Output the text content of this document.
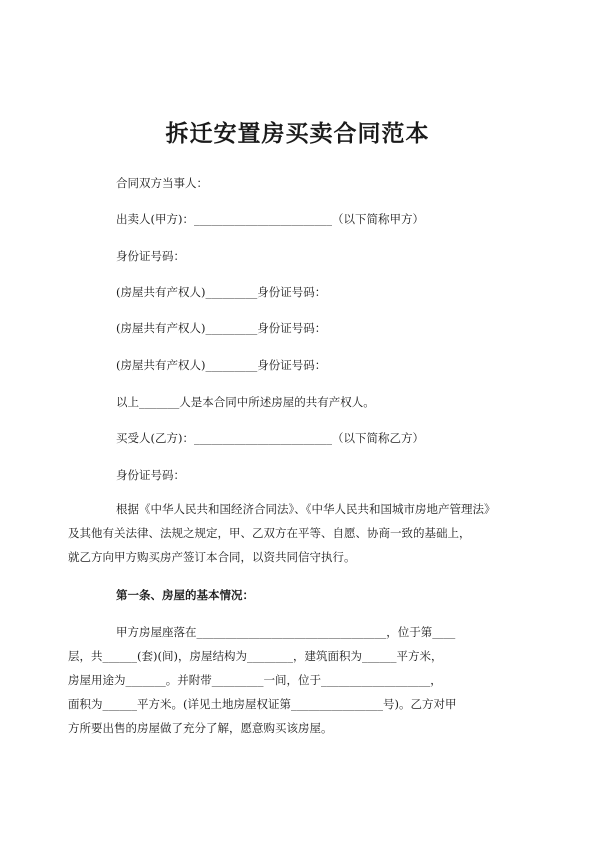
拆迁安置房买卖合同范本

合同双方当事人：

出卖人(甲方)：________________________（以下简称甲方）

身份证号码：

(房屋共有产权人)_________身份证号码：

(房屋共有产权人)_________身份证号码：

(房屋共有产权人)_________身份证号码：

以上_______人是本合同中所述房屋的共有产权人。

买受人(乙方)：________________________（以下简称乙方）

身份证号码：

根据《中华人民共和国经济合同法》、《中华人民共和国城市房地产管理法》
及其他有关法律、法规之规定，甲、乙双方在平等、自愿、协商一致的基础上，
就乙方向甲方购买房产签订本合同，以资共同信守执行。

第一条、房屋的基本情况：

甲方房屋座落在_________________________________，位于第____
层，共______(套)(间)，房屋结构为________，建筑面积为______平方米，
房屋用途为_______。并附带_________一间，位于___________________，
面积为______平方米。(详见土地房屋权证第________________号)。乙方对甲
方所要出售的房屋做了充分了解，愿意购买该房屋。
